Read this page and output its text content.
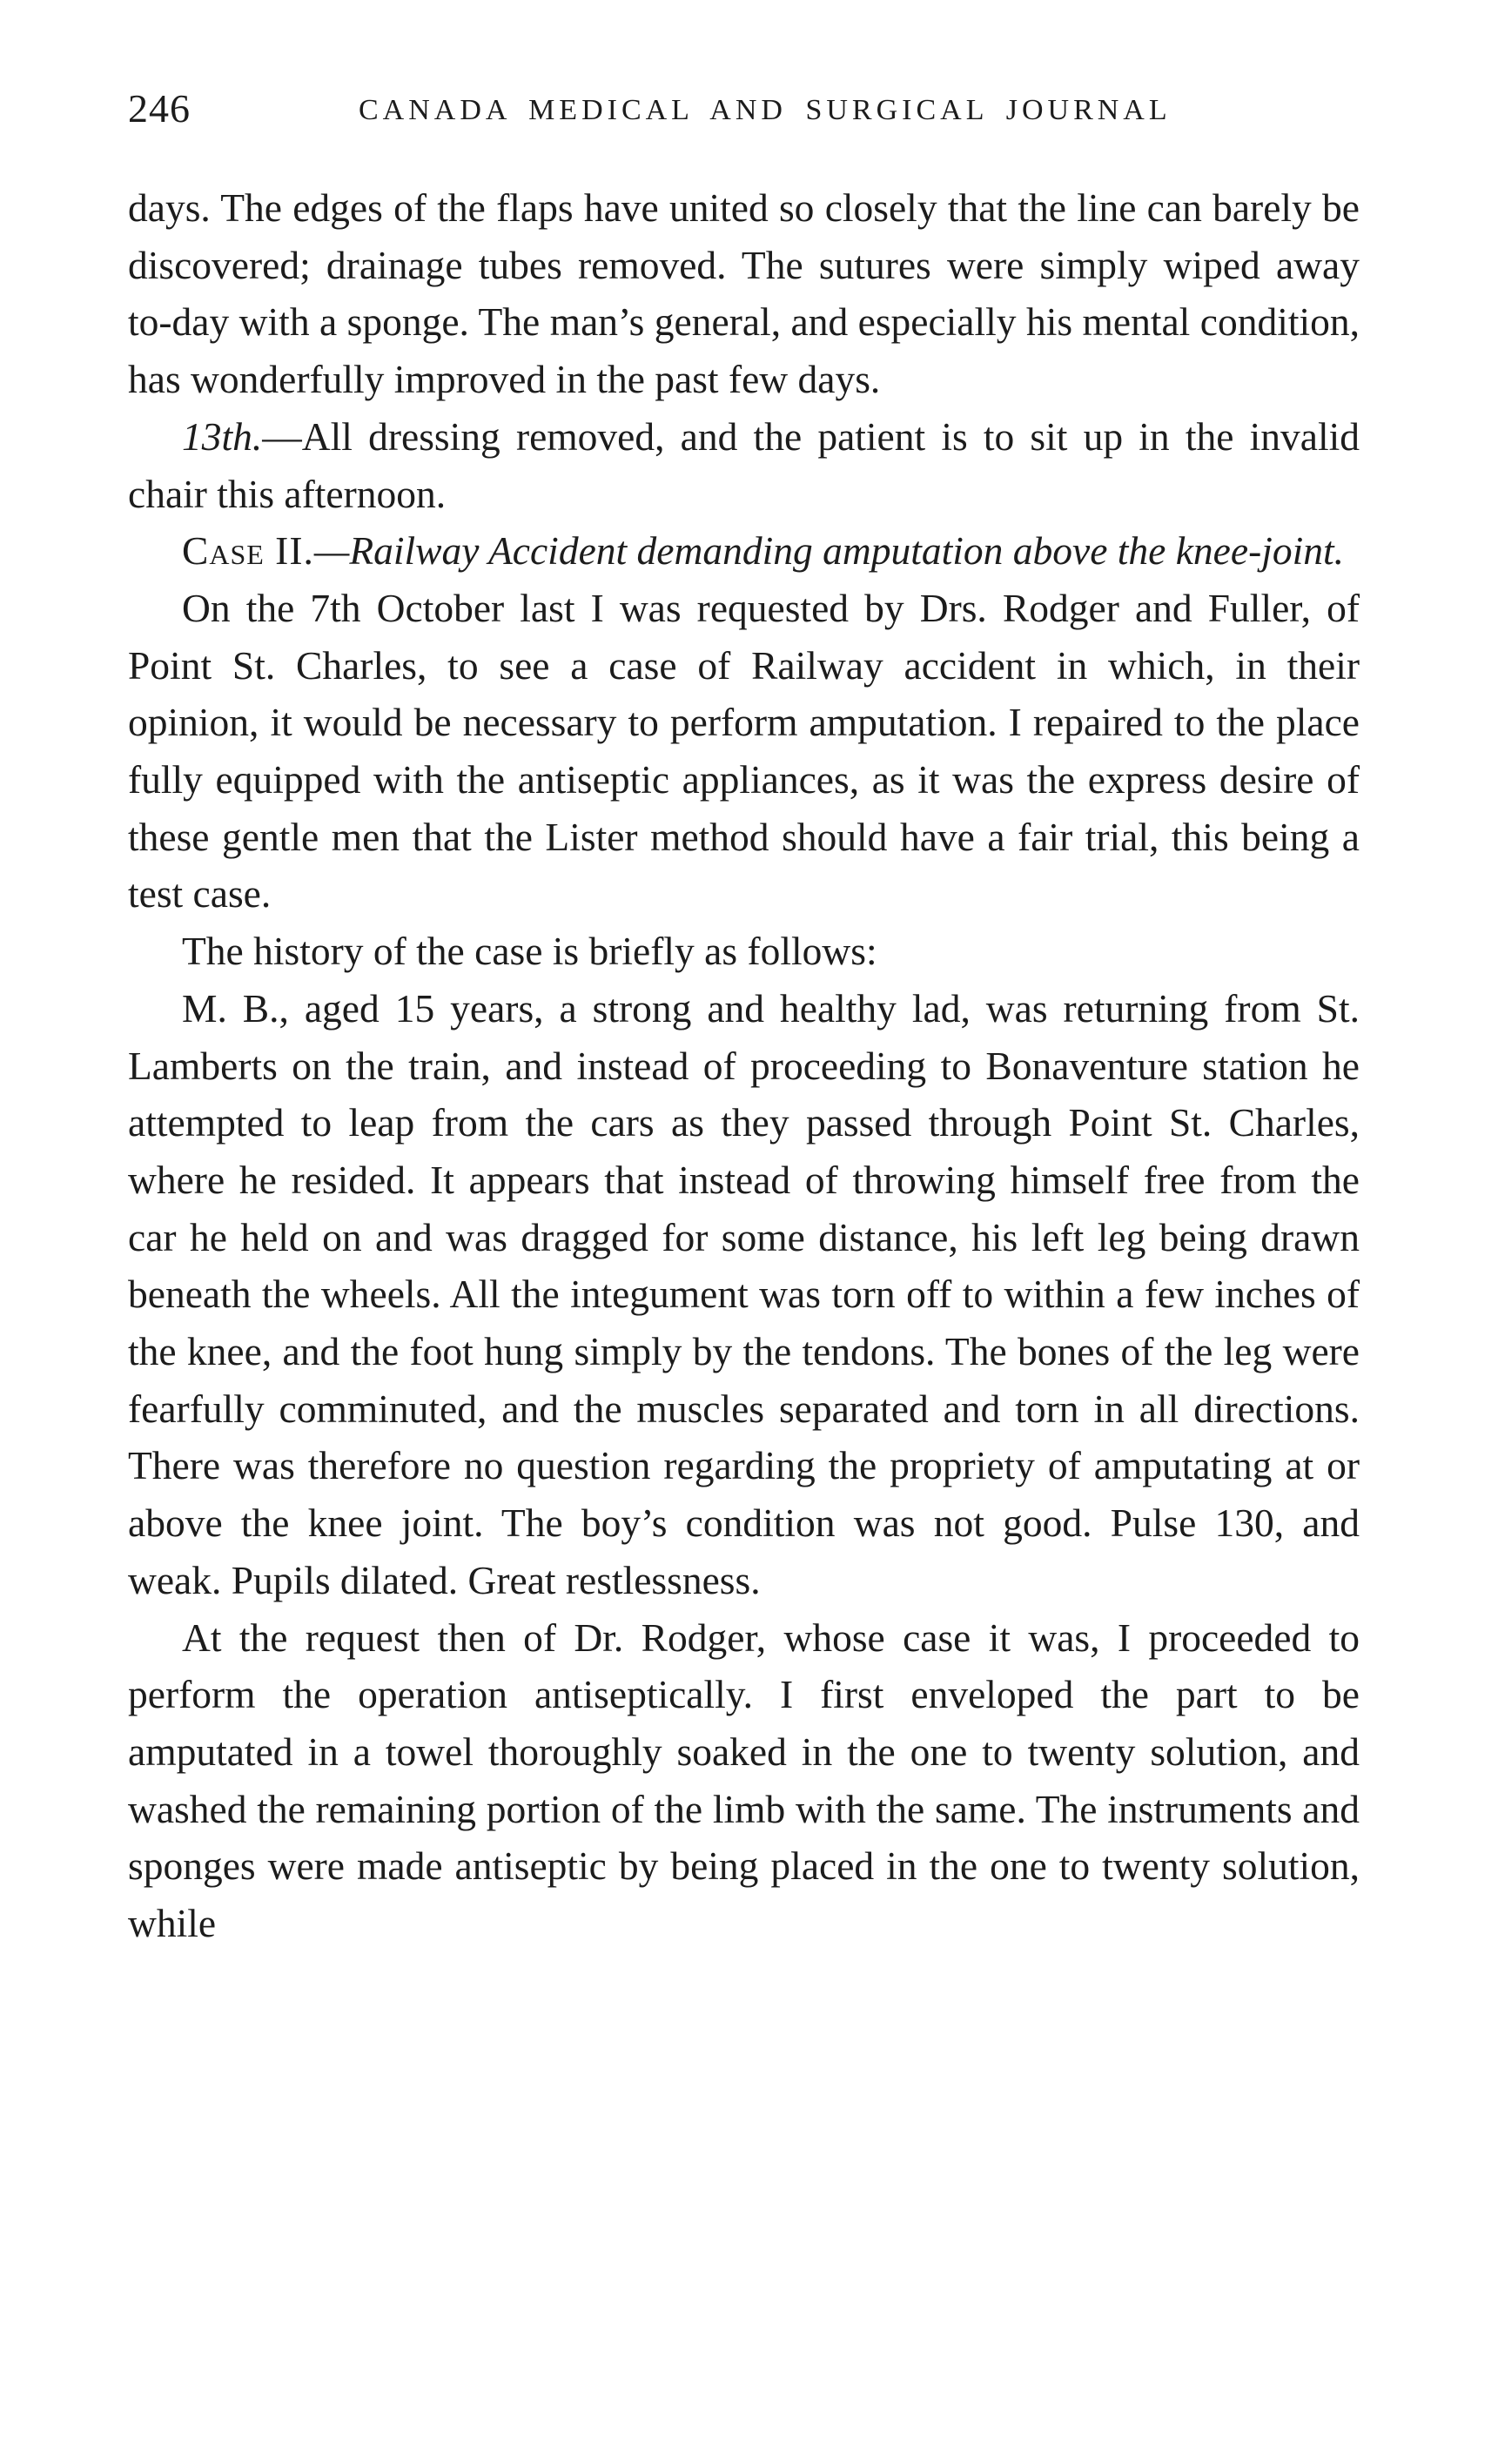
246	CANADA MEDICAL AND SURGICAL JOURNAL

days. The edges of the flaps have united so closely that the line can barely be discovered; drainage tubes removed. The sutures were simply wiped away to-day with a sponge. The man’s general, and especially his mental condition, has wonderfully improved in the past few days.

13th.—All dressing removed, and the patient is to sit up in the invalid chair this afternoon.

Case II.—Railway Accident demanding amputation above the knee-joint.

On the 7th October last I was requested by Drs. Rodger and Fuller, of Point St. Charles, to see a case of Railway accident in which, in their opinion, it would be necessary to perform amputation. I repaired to the place fully equipped with the antiseptic appliances, as it was the express desire of these gentle men that the Lister method should have a fair trial, this being a test case.

The history of the case is briefly as follows:

M. B., aged 15 years, a strong and healthy lad, was returning from St. Lamberts on the train, and instead of proceeding to Bonaventure station he attempted to leap from the cars as they passed through Point St. Charles, where he resided. It appears that instead of throwing himself free from the car he held on and was dragged for some distance, his left leg being drawn beneath the wheels. All the integument was torn off to within a few inches of the knee, and the foot hung simply by the tendons. The bones of the leg were fearfully comminuted, and the muscles separated and torn in all directions. There was therefore no question regarding the propriety of amputating at or above the knee joint. The boy’s condition was not good. Pulse 130, and weak. Pupils dilated. Great restlessness.

At the request then of Dr. Rodger, whose case it was, I proceeded to perform the operation antiseptically. I first enveloped the part to be amputated in a towel thoroughly soaked in the one to twenty solution, and washed the remaining portion of the limb with the same. The instruments and sponges were made antiseptic by being placed in the one to twenty solution, while
